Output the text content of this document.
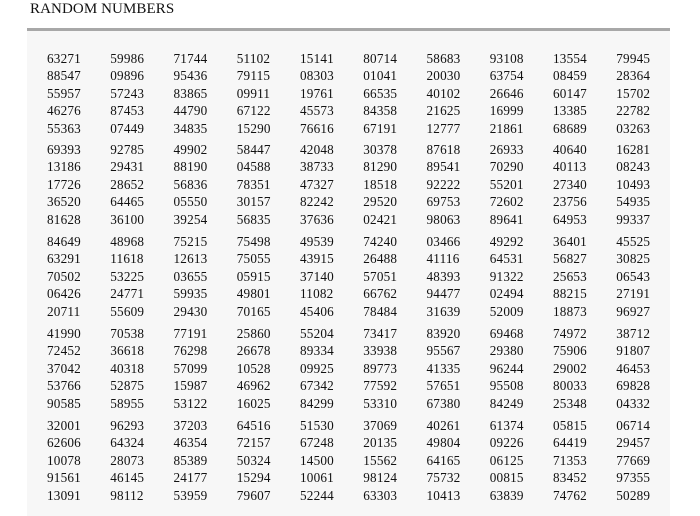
RANDOM NUMBERS
63271	59986	71744	51102	15141	80714	58683	93108	13554	79945
88547	09896	95436	79115	08303	01041	20030	63754	08459	28364
55957	57243	83865	09911	19761	66535	40102	26646	60147	15702
46276	87453	44790	67122	45573	84358	21625	16999	13385	22782
55363	07449	34835	15290	76616	67191	12777	21861	68689	03263
69393	92785	49902	58447	42048	30378	87618	26933	40640	16281
13186	29431	88190	04588	38733	81290	89541	70290	40113	08243
17726	28652	56836	78351	47327	18518	92222	55201	27340	10493
36520	64465	05550	30157	82242	29520	69753	72602	23756	54935
81628	36100	39254	56835	37636	02421	98063	89641	64953	99337
84649	48968	75215	75498	49539	74240	03466	49292	36401	45525
63291	11618	12613	75055	43915	26488	41116	64531	56827	30825
70502	53225	03655	05915	37140	57051	48393	91322	25653	06543
06426	24771	59935	49801	11082	66762	94477	02494	88215	27191
20711	55609	29430	70165	45406	78484	31639	52009	18873	96927
41990	70538	77191	25860	55204	73417	83920	69468	74972	38712
72452	36618	76298	26678	89334	33938	95567	29380	75906	91807
37042	40318	57099	10528	09925	89773	41335	96244	29002	46453
53766	52875	15987	46962	67342	77592	57651	95508	80033	69828
90585	58955	53122	16025	84299	53310	67380	84249	25348	04332
32001	96293	37203	64516	51530	37069	40261	61374	05815	06714
62606	64324	46354	72157	67248	20135	49804	09226	64419	29457
10078	28073	85389	50324	14500	15562	64165	06125	71353	77669
91561	46145	24177	15294	10061	98124	75732	00815	83452	97355
13091	98112	53959	79607	52244	63303	10413	63839	74762	50289
